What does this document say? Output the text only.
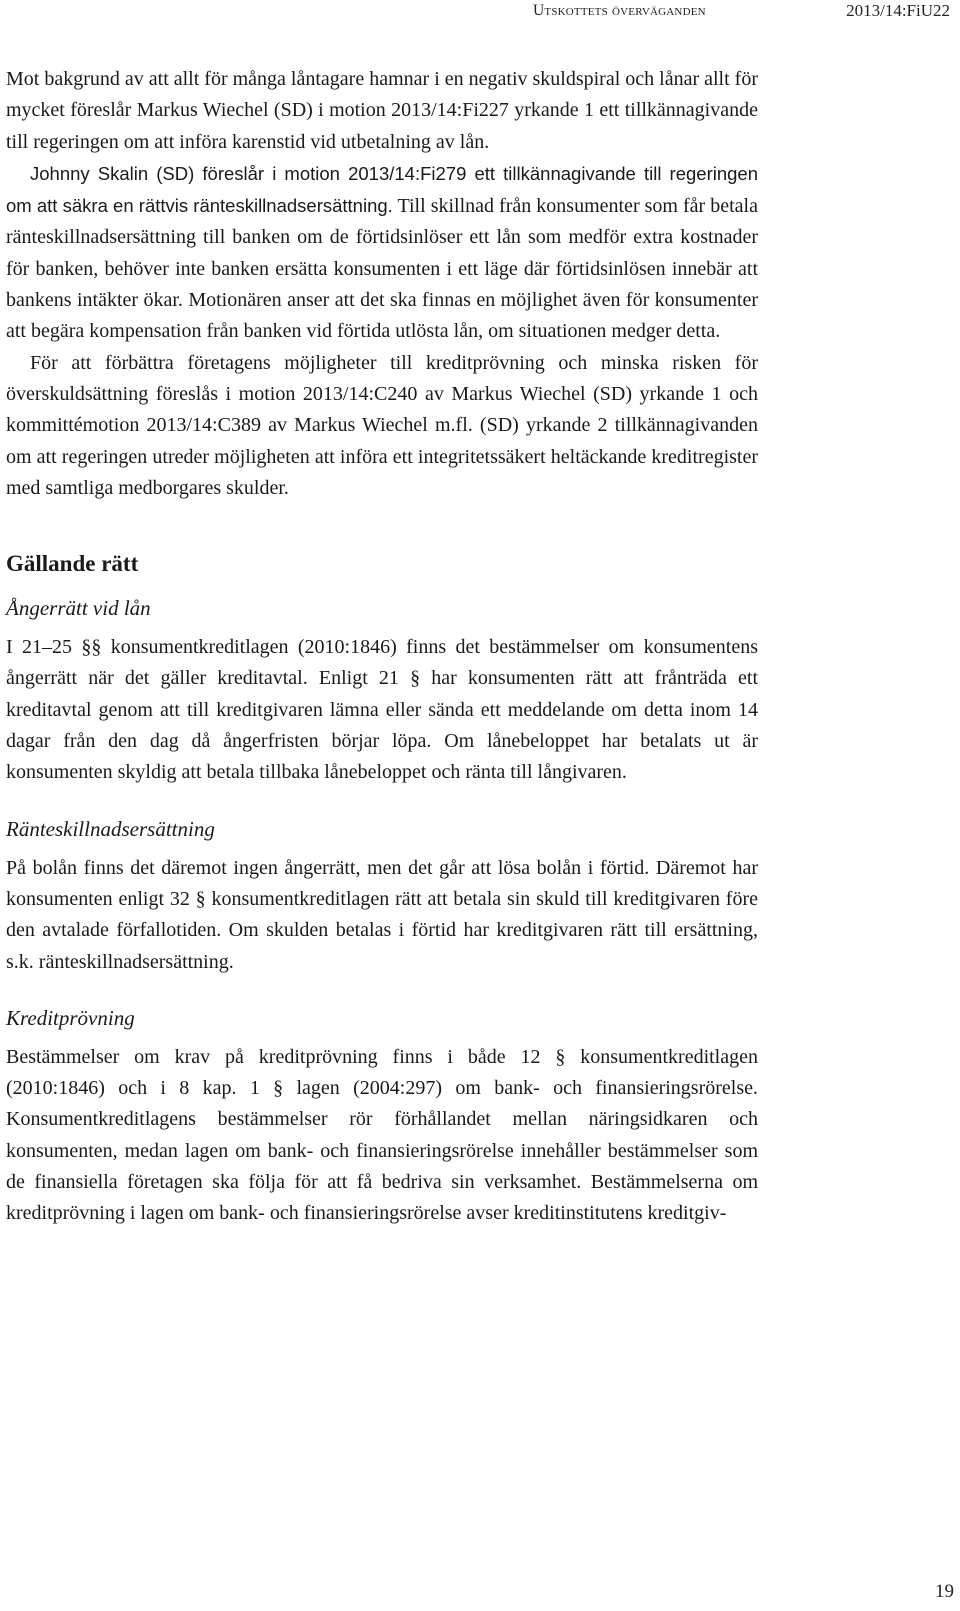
Utskottets överväganden	2013/14:FiU22

Mot bakgrund av att allt för många låntagare hamnar i en negativ skuldspiral och lånar allt för mycket föreslår Markus Wiechel (SD) i motion 2013/14:Fi227 yrkande 1 ett tillkännagivande till regeringen om att införa karenstid vid utbetalning av lån.

Johnny Skalin (SD) föreslår i motion 2013/14:Fi279 ett tillkännagivande till regeringen om att säkra en rättvis ränteskillnadsersättning. Till skillnad från konsumenter som får betala ränteskillnadsersättning till banken om de förtidsinlöser ett lån som medför extra kostnader för banken, behöver inte banken ersätta konsumenten i ett läge där förtidsinlösen innebär att bankens intäkter ökar. Motionären anser att det ska finnas en möjlighet även för konsumenter att begära kompensation från banken vid förtida utlösta lån, om situationen medger detta.

För att förbättra företagens möjligheter till kreditprövning och minska risken för överskuldsättning föreslås i motion 2013/14:C240 av Markus Wiechel (SD) yrkande 1 och kommittémotion 2013/14:C389 av Markus Wiechel m.fl. (SD) yrkande 2 tillkännagivanden om att regeringen utreder möjligheten att införa ett integritetssäkert heltäckande kreditregister med samtliga medborgares skulder.

Gällande rätt
Ångerrätt vid lån

I 21–25 §§ konsumentkreditlagen (2010:1846) finns det bestämmelser om konsumentens ångerrätt när det gäller kreditavtal. Enligt 21 § har konsumenten rätt att frånträda ett kreditavtal genom att till kreditgivaren lämna eller sända ett meddelande om detta inom 14 dagar från den dag då ångerfristen börjar löpa. Om lånebeloppet har betalats ut är konsumenten skyldig att betala tillbaka lånebeloppet och ränta till långivaren.

Ränteskillnadsersättning

På bolån finns det däremot ingen ångerrätt, men det går att lösa bolån i förtid. Däremot har konsumenten enligt 32 § konsumentkreditlagen rätt att betala sin skuld till kreditgivaren före den avtalade förfallotiden. Om skulden betalas i förtid har kreditgivaren rätt till ersättning, s.k. ränteskillnadsersättning.

Kreditprövning

Bestämmelser om krav på kreditprövning finns i både 12 § konsumentkreditlagen (2010:1846) och i 8 kap. 1 § lagen (2004:297) om bank- och finansieringsrörelse. Konsumentkreditlagens bestämmelser rör förhållandet mellan näringsidkaren och konsumenten, medan lagen om bank- och finansieringsrörelse innehåller bestämmelser som de finansiella företagen ska följa för att få bedriva sin verksamhet. Bestämmelserna om kreditprövning i lagen om bank- och finansieringsrörelse avser kreditinstitutens kreditgiv-

19
